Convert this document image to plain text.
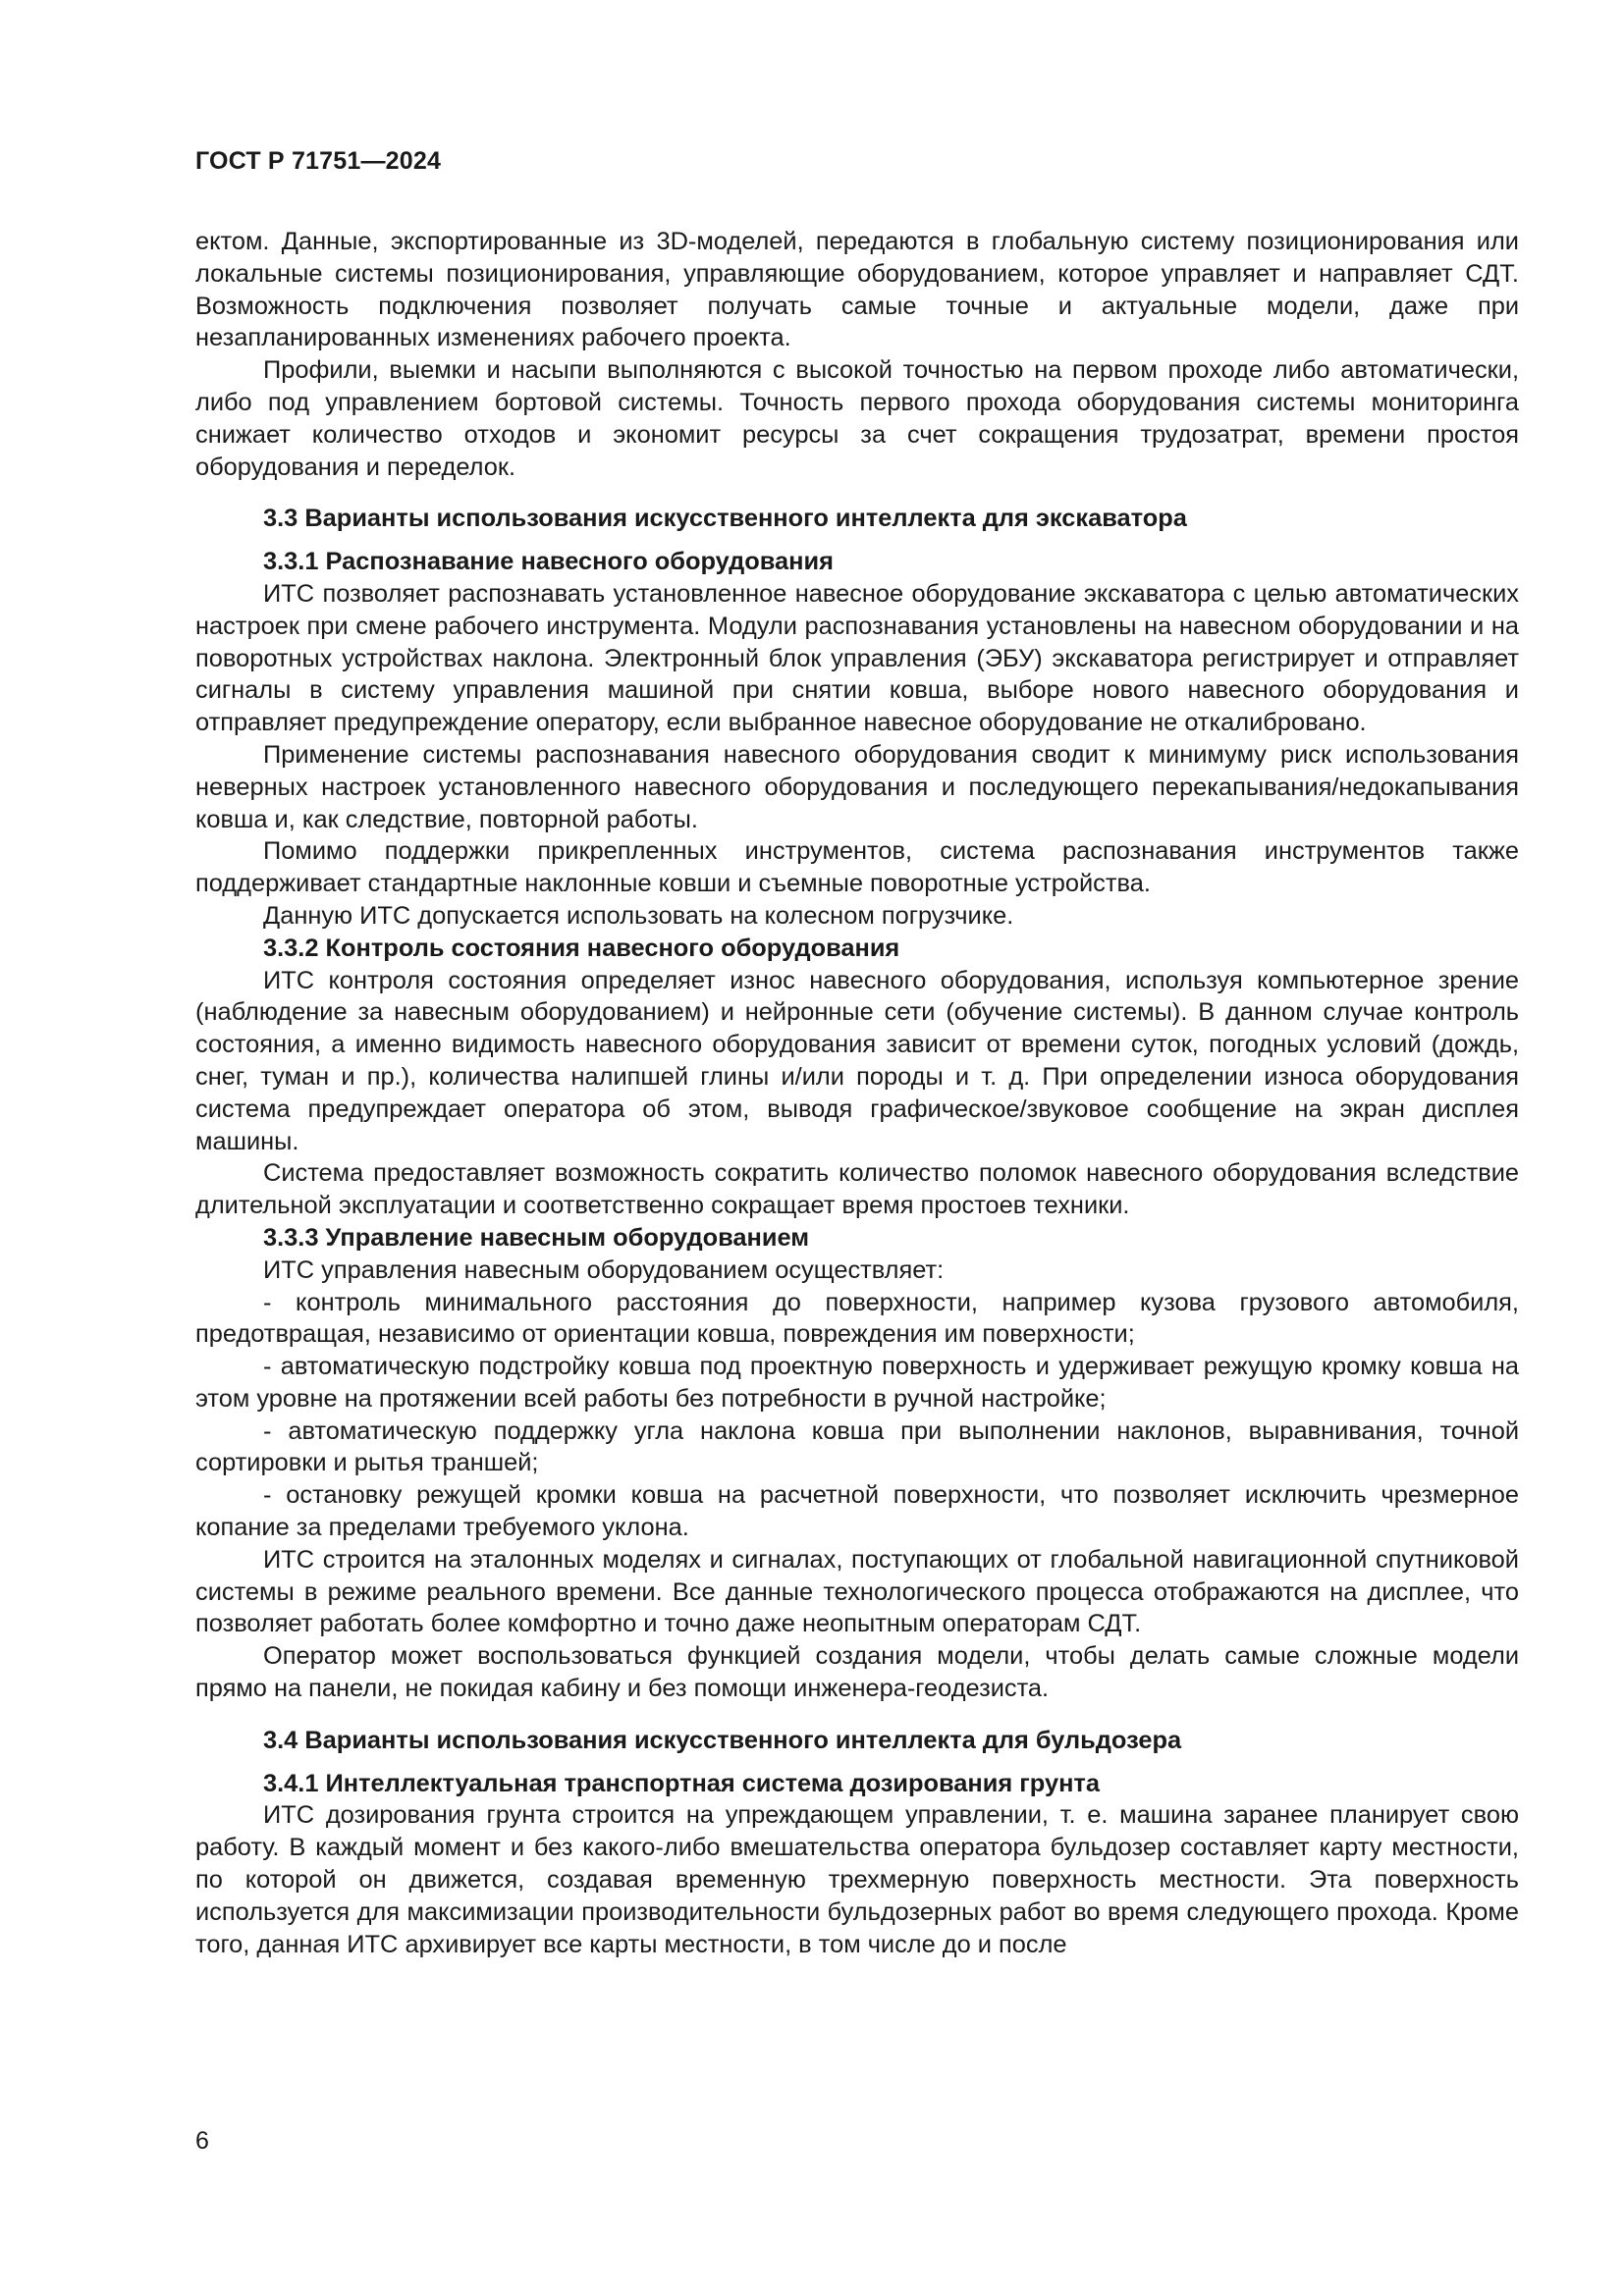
ГОСТ Р 71751—2024

ектом. Данные, экспортированные из 3D-моделей, передаются в глобальную систему позиционирования или локальные системы позиционирования, управляющие оборудованием, которое управляет и направляет СДТ. Возможность подключения позволяет получать самые точные и актуальные модели, даже при незапланированных изменениях рабочего проекта.

Профили, выемки и насыпи выполняются с высокой точностью на первом проходе либо автоматически, либо под управлением бортовой системы. Точность первого прохода оборудования системы мониторинга снижает количество отходов и экономит ресурсы за счет сокращения трудозатрат, времени простоя оборудования и переделок.

3.3 Варианты использования искусственного интеллекта для экскаватора
3.3.1 Распознавание навесного оборудования

ИТС позволяет распознавать установленное навесное оборудование экскаватора с целью автоматических настроек при смене рабочего инструмента. Модули распознавания установлены на навесном оборудовании и на поворотных устройствах наклона. Электронный блок управления (ЭБУ) экскаватора регистрирует и отправляет сигналы в систему управления машиной при снятии ковша, выборе нового навесного оборудования и отправляет предупреждение оператору, если выбранное навесное оборудование не откалибровано.

Применение системы распознавания навесного оборудования сводит к минимуму риск использования неверных настроек установленного навесного оборудования и последующего перекапывания/недокапывания ковша и, как следствие, повторной работы.

Помимо поддержки прикрепленных инструментов, система распознавания инструментов также поддерживает стандартные наклонные ковши и съемные поворотные устройства.

Данную ИТС допускается использовать на колесном погрузчике.

3.3.2 Контроль состояния навесного оборудования

ИТС контроля состояния определяет износ навесного оборудования, используя компьютерное зрение (наблюдение за навесным оборудованием) и нейронные сети (обучение системы). В данном случае контроль состояния, а именно видимость навесного оборудования зависит от времени суток, погодных условий (дождь, снег, туман и пр.), количества налипшей глины и/или породы и т. д. При определении износа оборудования система предупреждает оператора об этом, выводя графическое/звуковое сообщение на экран дисплея машины.

Система предоставляет возможность сократить количество поломок навесного оборудования вследствие длительной эксплуатации и соответственно сокращает время простоев техники.

3.3.3 Управление навесным оборудованием

ИТС управления навесным оборудованием осуществляет:

- контроль минимального расстояния до поверхности, например кузова грузового автомобиля, предотвращая, независимо от ориентации ковша, повреждения им поверхности;

- автоматическую подстройку ковша под проектную поверхность и удерживает режущую кромку ковша на этом уровне на протяжении всей работы без потребности в ручной настройке;

- автоматическую поддержку угла наклона ковша при выполнении наклонов, выравнивания, точной сортировки и рытья траншей;

- остановку режущей кромки ковша на расчетной поверхности, что позволяет исключить чрезмерное копание за пределами требуемого уклона.

ИТС строится на эталонных моделях и сигналах, поступающих от глобальной навигационной спутниковой системы в режиме реального времени. Все данные технологического процесса отображаются на дисплее, что позволяет работать более комфортно и точно даже неопытным операторам СДТ.

Оператор может воспользоваться функцией создания модели, чтобы делать самые сложные модели прямо на панели, не покидая кабину и без помощи инженера-геодезиста.

3.4 Варианты использования искусственного интеллекта для бульдозера
3.4.1 Интеллектуальная транспортная система дозирования грунта

ИТС дозирования грунта строится на упреждающем управлении, т. е. машина заранее планирует свою работу. В каждый момент и без какого-либо вмешательства оператора бульдозер составляет карту местности, по которой он движется, создавая временную трехмерную поверхность местности. Эта поверхность используется для максимизации производительности бульдозерных работ во время следующего прохода. Кроме того, данная ИТС архивирует все карты местности, в том числе до и после

6
